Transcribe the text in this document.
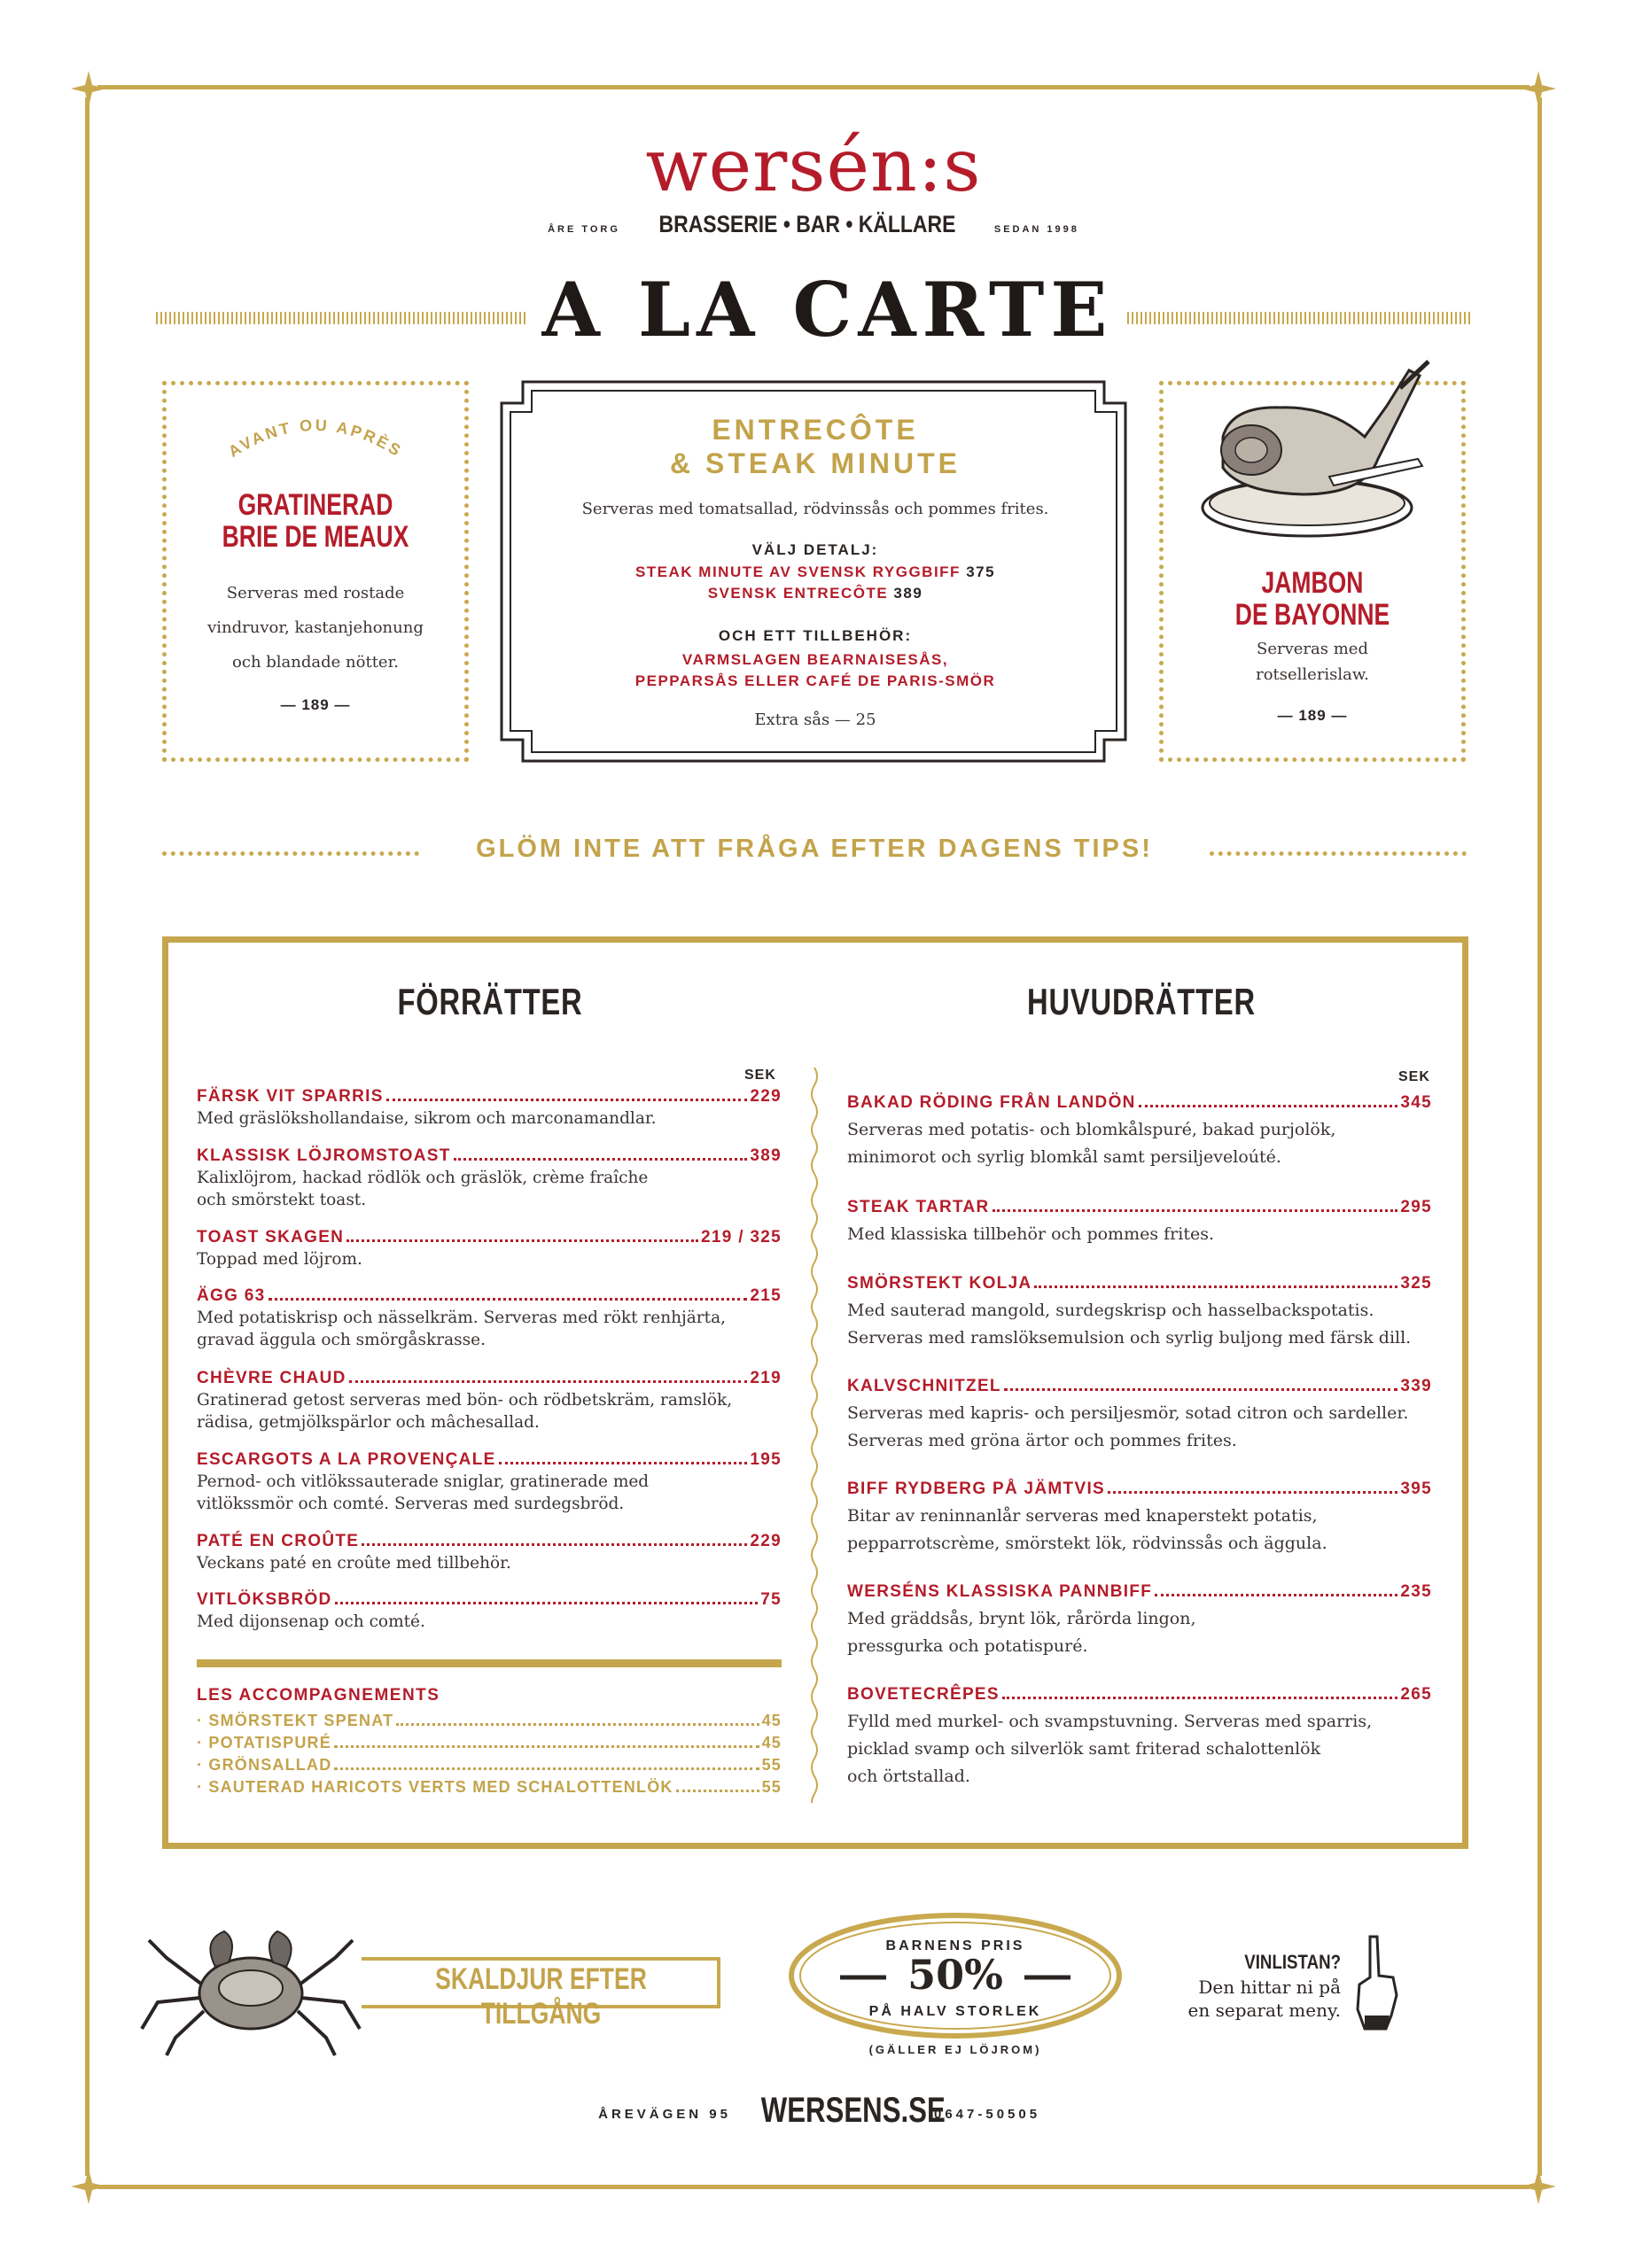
wersén:s
ÅRE TORG BRASSERIE • BAR • KÄLLARE	SEDAN 1998
A LA CARTE
AVANT OU APRÈS
GRATINERAD
BRIE DE MEAUX
Serveras med rostade
vindruvor, kastanjehonung
och blandade nötter.
— 189 —
ENTRECÔTE
& STEAK MINUTE
Serveras med tomatsallad, rödvinssås och pommes frites.
VÄLJ DETALJ:
STEAK MINUTE AV SVENSK RYGGBIFF 375
SVENSK ENTRECÔTE 389
OCH ETT TILLBEHÖR:
VARMSLAGEN BEARNAISESÅS,
PEPPARSÅS ELLER CAFÉ DE PARIS-SMÖR
Extra sås — 25
JAMBON
DE BAYONNE
Serveras med
rotsellerislaw.
— 189 —
GLÖM INTE ATT FRÅGA EFTER DAGENS TIPS!
FÖRRÄTTER
SEK
FÄRSK VIT SPARRIS	229
Med gräslökshollandaise, sikrom och marconamandlar.
KLASSISK LÖJROMSTOAST	389
Kalixlöjrom, hackad rödlök och gräslök, crème fraîche
och smörstekt toast.
TOAST SKAGEN	219 / 325
Toppad med löjrom.
ÄGG 63	215
Med potatiskrisp och nässelkräm. Serveras med rökt renhjärta,
gravad äggula och smörgåskrasse.
CHÈVRE CHAUD	219
Gratinerad getost serveras med bön- och rödbetskräm, ramslök,
rädisa, getmjölkspärlor och mâchesallad.
ESCARGOTS A LA PROVENÇALE	195
Pernod- och vitlökssauterade sniglar, gratinerade med
vitlökssmör och comté. Serveras med surdegsbröd.
PATÉ EN CROÛTE	229
Veckans paté en croûte med tillbehör.
VITLÖKSBRÖD	75
Med dijonsenap och comté.
LES ACCOMPAGNEMENTS
· SMÖRSTEKT SPENAT	45
· POTATISPURÉ	45
· GRÖNSALLAD	55
· SAUTERAD HARICOTS VERTS MED SCHALOTTENLÖK	55
HUVUDRÄTTER
SEK
BAKAD RÖDING FRÅN LANDÖN	345
Serveras med potatis- och blomkålspuré, bakad purjolök,
minimorot och syrlig blomkål samt persiljeveloúté.
STEAK TARTAR	295
Med klassiska tillbehör och pommes frites.
SMÖRSTEKT KOLJA	325
Med sauterad mangold, surdegskrisp och hasselbackspotatis.
Serveras med ramslöksemulsion och syrlig buljong med färsk dill.
KALVSCHNITZEL	339
Serveras med kapris- och persiljesmör, sotad citron och sardeller.
Serveras med gröna ärtor och pommes frites.
BIFF RYDBERG PÅ JÄMTVIS	395
Bitar av reninnanlår serveras med knaperstekt potatis,
pepparrotscrème, smörstekt lök, rödvinssås och äggula.
WERSÉNS KLASSISKA PANNBIFF	235
Med gräddsås, brynt lök, rårörda lingon,
pressgurka och potatispuré.
BOVETECRÊPES	265
Fylld med murkel- och svampstuvning. Serveras med sparris,
picklad svamp och silverlök samt friterad schalottenlök
och örtstallad.
SKALDJUR EFTER TILLGÅNG
BARNENS PRIS
50%
PÅ HALV STORLEK
(GÄLLER EJ LÖJROM)
VINLISTAN?
Den hittar ni på
en separat meny.
ÅREVÄGEN 95 WERSENS.SE
0647-50505
